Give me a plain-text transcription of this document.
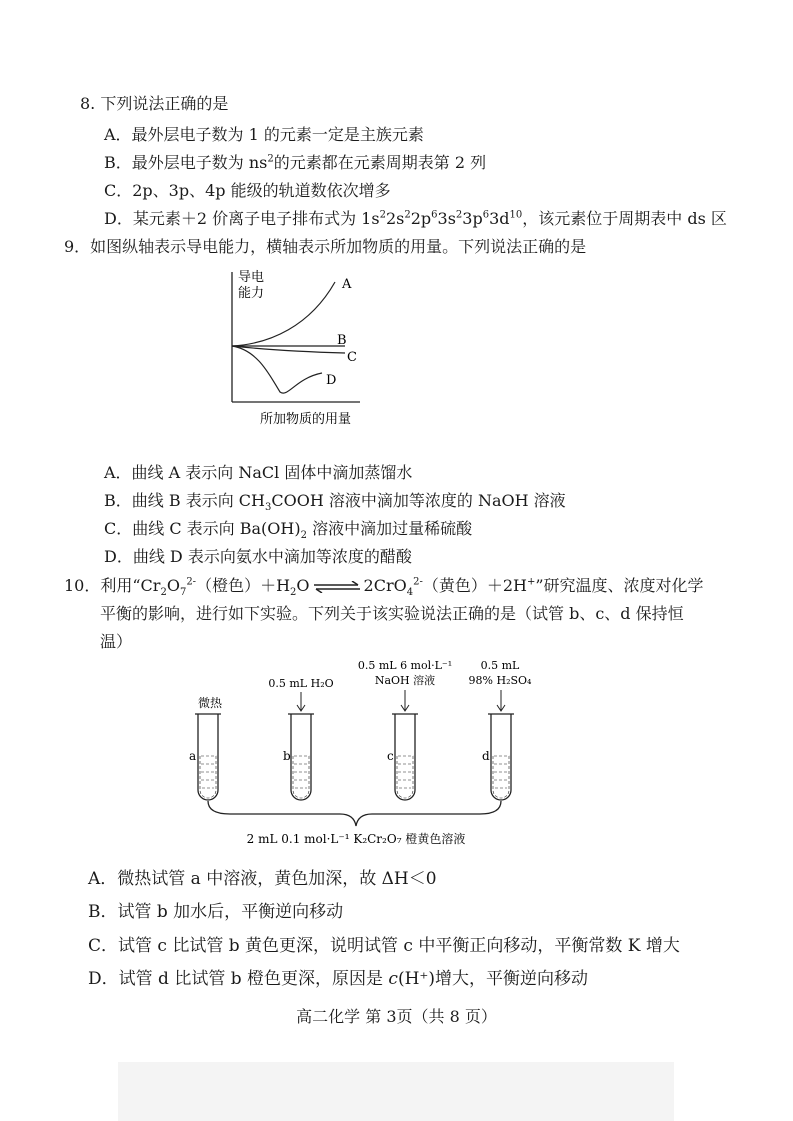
8. 下列说法正确的是
A．最外层电子数为 1 的元素一定是主族元素
B．最外层电子数为 $ns^2$的元素都在元素周期表第 2 列
C．2p、3p、4p 能级的轨道数依次增多
D．某元素＋2 价离子电子排布式为 $1s^22s^22p^63s^23p^63d^{10}$，该元素位于周期表中 ds 区
9．如图纵轴表示导电能力，横轴表示所加物质的用量。下列说法正确的是
导电
能力
A
B
C
D
所加物质的用量
A．曲线 A 表示向 NaCl 固体中滴加蒸馏水
B．曲线 B 表示向 $CH_3COOH$ 溶液中滴加等浓度的 NaOH 溶液
C．曲线 C 表示向 $Ba(OH)_2$ 溶液中滴加过量稀硫酸
D．曲线 D 表示向氨水中滴加等浓度的醋酸
10．利用“$Cr_2O_7^{2-}$（橙色）$+H_2O$ ⇌ 2CrO$_4^{2-}$（黄色）＋2H+”研究温度、浓度对化学
平衡的影响，进行如下实验。下列关于该实验说法正确的是（试管 b、c、d 保持恒
温）
微热
0.5 mL H₂O
0.5 mL 6 mol·L⁻¹
NaOH 溶液
0.5 mL
98% H₂SO₄
a	b	c	d
2 mL 0.1 mol·L⁻¹ K₂Cr₂O₇ 橙黄色溶液
A．微热试管 a 中溶液，黄色加深，故 ΔH＜0
B．试管 b 加水后，平衡逆向移动
C．试管 c 比试管 b 黄色更深，说明试管 c 中平衡正向移动，平衡常数 K 增大
D．试管 d 比试管 b 橙色更深，原因是 c(H⁺)增大，平衡逆向移动
高二化学 第 3页（共 8 页）
